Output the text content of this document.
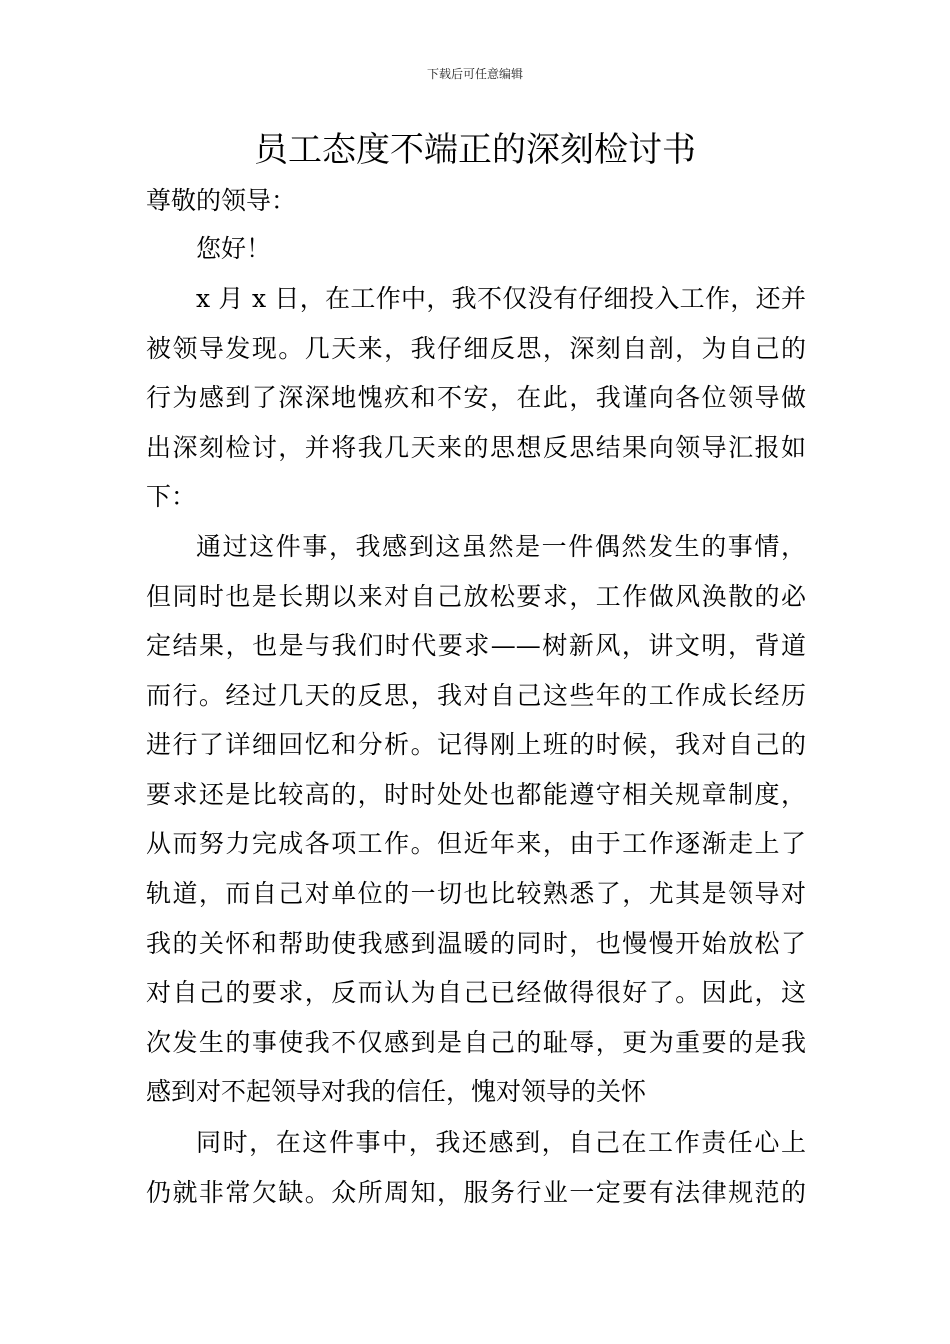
下载后可任意编辑
员工态度不端正的深刻检讨书
尊敬的领导：
您好！
x 月 x 日，在工作中，我不仅没有仔细投入工作，还并
被领导发现。几天来，我仔细反思，深刻自剖，为自己的
行为感到了深深地愧疚和不安，在此，我谨向各位领导做
出深刻检讨，并将我几天来的思想反思结果向领导汇报如
下：
通过这件事，我感到这虽然是一件偶然发生的事情，
但同时也是长期以来对自己放松要求，工作做风涣散的必
定结果，也是与我们时代要求——树新风，讲文明，背道
而行。经过几天的反思，我对自己这些年的工作成长经历
进行了详细回忆和分析。记得刚上班的时候，我对自己的
要求还是比较高的，时时处处也都能遵守相关规章制度，
从而努力完成各项工作。但近年来，由于工作逐渐走上了
轨道，而自己对单位的一切也比较熟悉了，尤其是领导对
我的关怀和帮助使我感到温暖的同时，也慢慢开始放松了
对自己的要求，反而认为自己已经做得很好了。因此，这
次发生的事使我不仅感到是自己的耻辱，更为重要的是我
感到对不起领导对我的信任，愧对领导的关怀
同时，在这件事中，我还感到，自己在工作责任心上
仍就非常欠缺。众所周知，服务行业一定要有法律规范的
